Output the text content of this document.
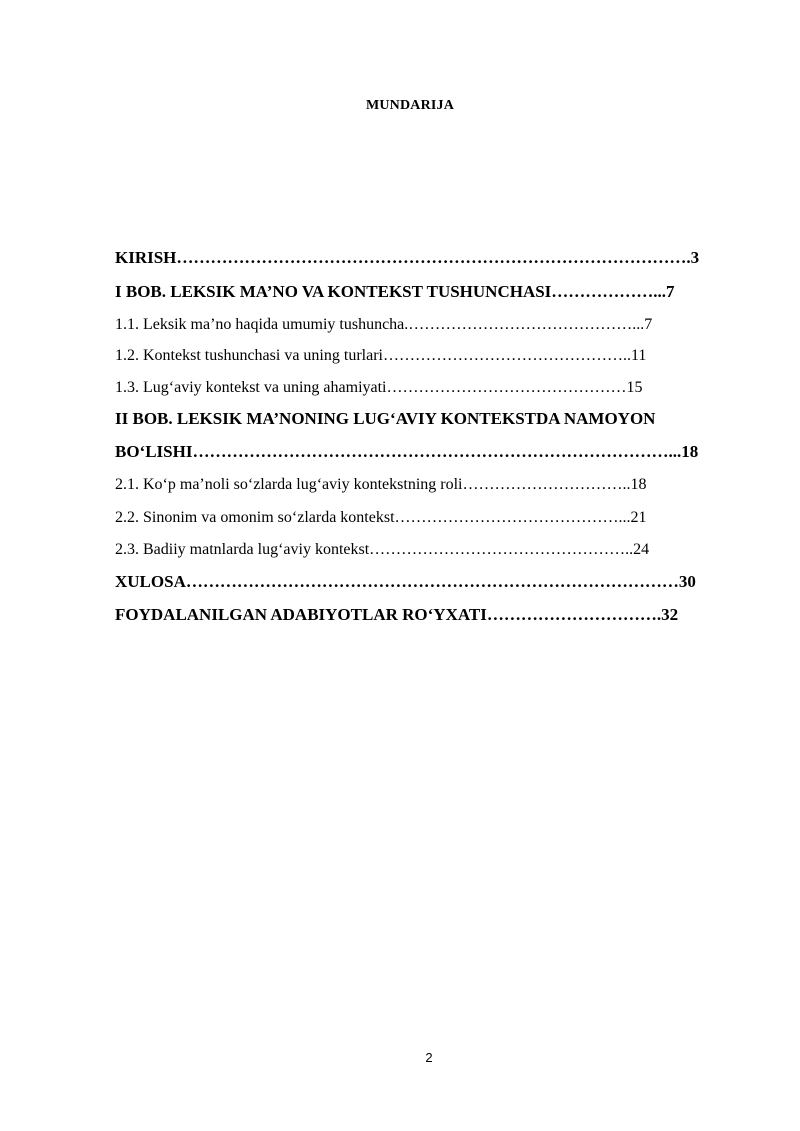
MUNDARIJA
KIRISH……………………………………………………………………………….3
I BOB. LEKSIK MA’NO VA KONTEKST TUSHUNCHASI………………...7
1.1. Leksik ma’no haqida umumiy tushuncha.……………………………………...7
1.2. Kontekst tushunchasi va uning turlari………………………………………..11
1.3. Lug‘aviy kontekst va uning ahamiyati………………………………………15
II BOB. LEKSIK MA’NONING LUG‘AVIY KONTEKSTDA NAMOYON
BO‘LISHI…………………………………………………………………………...18
2.1. Ko‘p ma’noli so‘zlarda lug‘aviy kontekstning roli…………………………..18
2.2. Sinonim va omonim so‘zlarda kontekst……………………………………...21
2.3. Badiiy matnlarda lug‘aviy kontekst…………………………………………..24
XULOSA……………………………………………………………………………30
FOYDALANILGAN ADABIYOTLAR RO‘YXATI………………………….32
2
